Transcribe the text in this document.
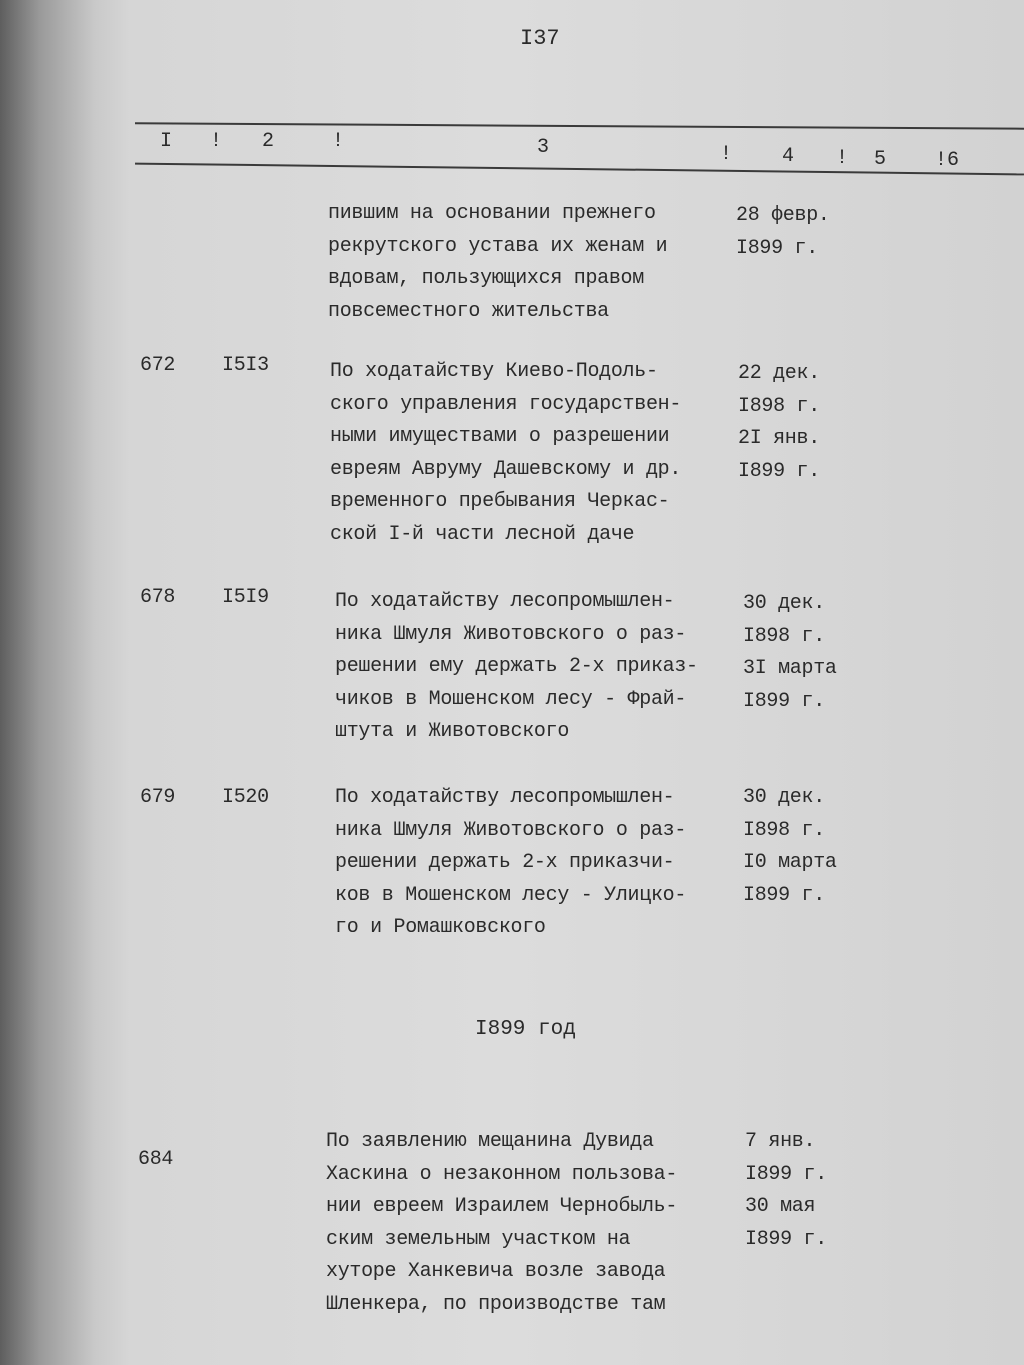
I37
I ! 2	!	3	! 4 ! 5 !6
пившим на основании прежнего
рекрутского устава их женам и
вдовам, пользующихся правом
повсеместного жительства
28 февр.
I899 г.
672 I5I3	По ходатайству Киево-Подоль-
ского управления государствен-
ными имуществами о разрешении
евреям Авруму Дашевскому и др.
временного пребывания Черкас-
ской I-й части лесной даче
22 дек.
I898 г.
2I янв.
I899 г.
678 I5I9	По ходатайству лесопромышлен-
ника Шмуля Животовского о раз-
решении ему держать 2-х приказ-
чиков в Мошенском лесу - Фрай-
штута и Животовского
30 дек.
I898 г.
3I марта
I899 г.
679 I520	По ходатайству лесопромышлен-
ника Шмуля Животовского о раз-
решении держать 2-х приказчи-
ков в Мошенском лесу - Улицко-
го и Ромашковского
30 дек.
I898 г.
I0 марта
I899 г.
I899 год
684
По заявлению мещанина Дувида
Хаскина о незаконном пользова-
нии евреем Израилем Чернобыль-
ским земельным участком на
хуторе Ханкевича возле завода
Шленкера, по производстве там
7 янв.
I899 г.
30 мая
I899 г.
